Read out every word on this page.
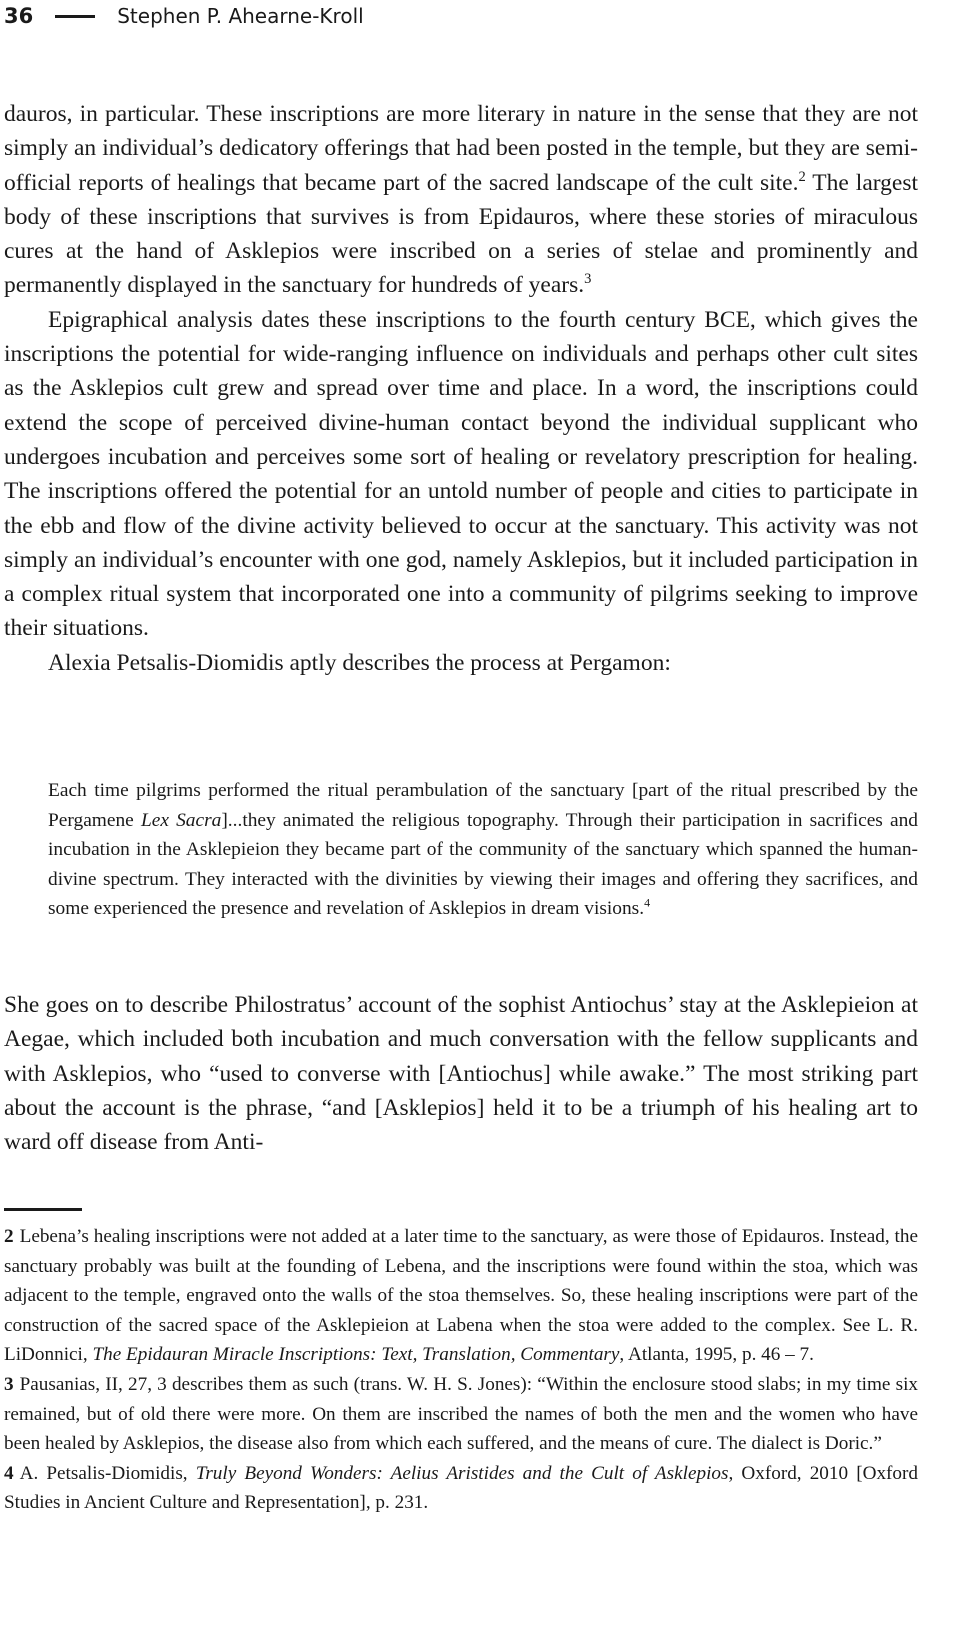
36	Stephen P. Ahearne-Kroll

dauros, in particular. These inscriptions are more literary in nature in the sense that they are not simply an individual’s dedicatory offerings that had been posted in the temple, but they are semi-official reports of healings that became part of the sacred landscape of the cult site.$^2$ The largest body of these inscriptions that survives is from Epidauros, where these stories of miraculous cures at the hand of Asklepios were inscribed on a series of stelae and prominently and permanently displayed in the sanctuary for hundreds of years.$^3$

Epigraphical analysis dates these inscriptions to the fourth century BCE, which gives the inscriptions the potential for wide-ranging influence on individuals and perhaps other cult sites as the Asklepios cult grew and spread over time and place. In a word, the inscriptions could extend the scope of perceived divine-human contact beyond the individual supplicant who undergoes incubation and perceives some sort of healing or revelatory prescription for healing. The inscriptions offered the potential for an untold number of people and cities to participate in the ebb and flow of the divine activity believed to occur at the sanctuary. This activity was not simply an individual’s encounter with one god, namely Asklepios, but it included participation in a complex ritual system that incorporated one into a community of pilgrims seeking to improve their situations.

Alexia Petsalis-Diomidis aptly describes the process at Pergamon:

Each time pilgrims performed the ritual perambulation of the sanctuary [part of the ritual prescribed by the Pergamene Lex Sacra]...they animated the religious topography. Through their participation in sacrifices and incubation in the Asklepieion they became part of the community of the sanctuary which spanned the human-divine spectrum. They interacted with the divinities by viewing their images and offering they sacrifices, and some experienced the presence and revelation of Asklepios in dream visions.$^4$

She goes on to describe Philostratus’ account of the sophist Antiochus’ stay at the Asklepieion at Aegae, which included both incubation and much conversation with the fellow supplicants and with Asklepios, who “used to converse with [Antiochus] while awake.” The most striking part about the account is the phrase, “and [Asklepios] held it to be a triumph of his healing art to ward off disease from Anti-

2 Lebena’s healing inscriptions were not added at a later time to the sanctuary, as were those of Epidauros. Instead, the sanctuary probably was built at the founding of Lebena, and the inscriptions were found within the stoa, which was adjacent to the temple, engraved onto the walls of the stoa themselves. So, these healing inscriptions were part of the construction of the sacred space of the Asklepieion at Labena when the stoa were added to the complex. See L. R. LiDonnici, The Epidauran Miracle Inscriptions: Text, Translation, Commentary, Atlanta, 1995, p. 46 – 7.

3 Pausanias, II, 27, 3 describes them as such (trans. W. H. S. Jones): “Within the enclosure stood slabs; in my time six remained, but of old there were more. On them are inscribed the names of both the men and the women who have been healed by Asklepios, the disease also from which each suffered, and the means of cure. The dialect is Doric.”

4 A. Petsalis-Diomidis, Truly Beyond Wonders: Aelius Aristides and the Cult of Asklepios, Oxford, 2010 [Oxford Studies in Ancient Culture and Representation], p. 231.
